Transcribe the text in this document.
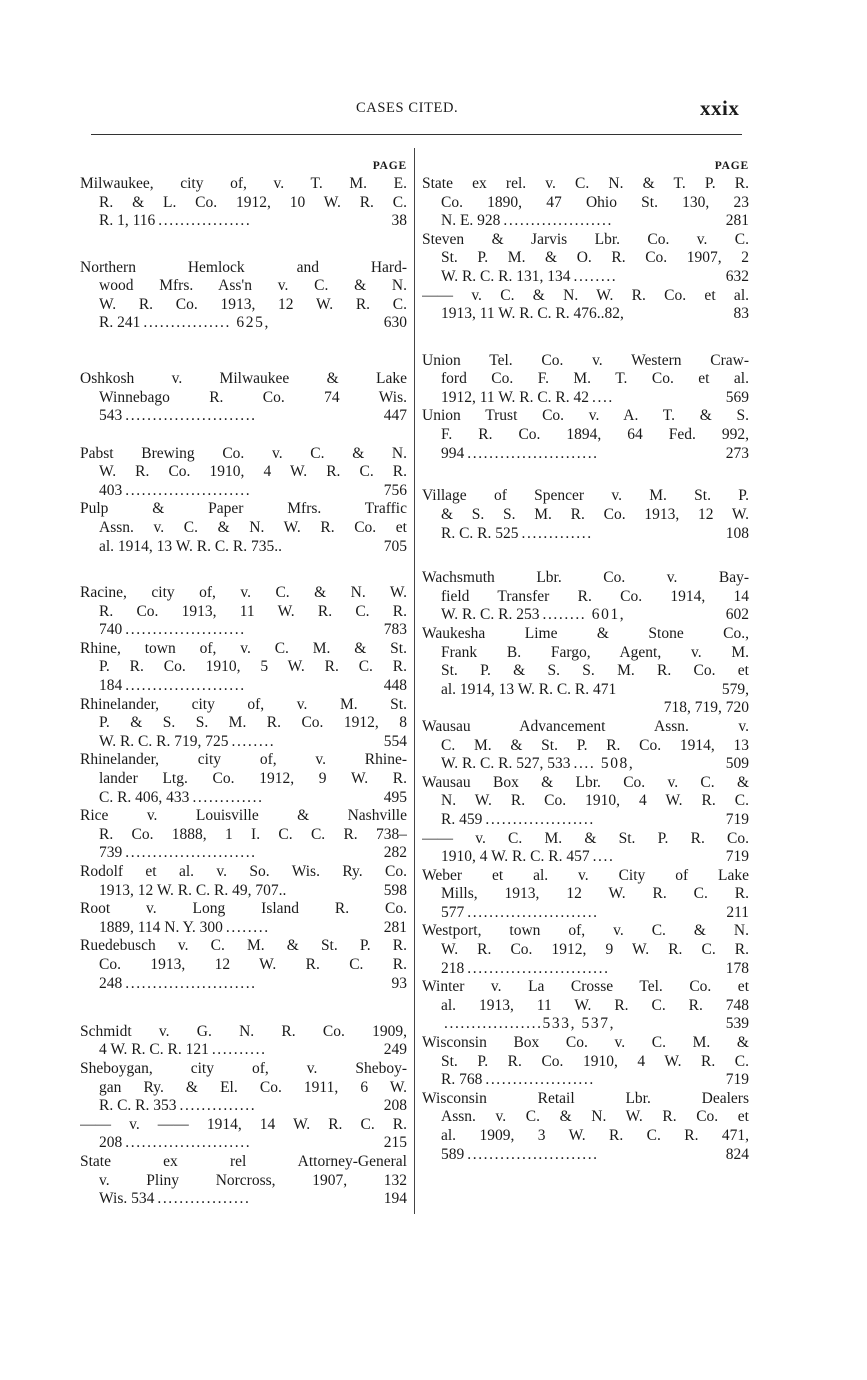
CASES CITED.	xxix
PAGE
Milwaukee, city of, v. T. M. E.
R. & L. Co. 1912, 10 W. R. C.
R. 1, 116 .................	38
Northern Hemlock and Hard-
wood Mfrs. Ass'n v. C. & N.
W. R. Co. 1913, 12 W. R. C.
R. 241 ................ 625,	630
Oshkosh v. Milwaukee & Lake
Winnebago R. Co. 74 Wis.
543 ........................	447
Pabst Brewing Co. v. C. & N.
W. R. Co. 1910, 4 W. R. C. R.
403 .......................	756
Pulp & Paper Mfrs. Traffic
Assn. v. C. & N. W. R. Co. et
al. 1914, 13 W. R. C. R. 735..	705
Racine, city of, v. C. & N. W.
R. Co. 1913, 11 W. R. C. R.
740 ......................	783
Rhine, town of, v. C. M. & St.
P. R. Co. 1910, 5 W. R. C. R.
184 ......................	448
Rhinelander, city of, v. M. St.
P. & S. S. M. R. Co. 1912, 8
W. R. C. R. 719, 725 ........	554
Rhinelander, city of, v. Rhine-
lander Ltg. Co. 1912, 9 W. R.
C. R. 406, 433 .............	495
Rice v. Louisville & Nashville
R. Co. 1888, 1 I. C. C. R. 738–
739 ........................	282
Rodolf et al. v. So. Wis. Ry. Co.
1913, 12 W. R. C. R. 49, 707..	598
Root v. Long Island R. Co.
1889, 114 N. Y. 300 ........	281
Ruedebusch v. C. M. & St. P. R.
Co. 1913, 12 W. R. C. R.
248 ........................	93
Schmidt v. G. N. R. Co. 1909,
4 W. R. C. R. 121 ..........	249
Sheboygan, city of, v. Sheboy-
gan Ry. & El. Co. 1911, 6 W.
R. C. R. 353 ..............	208
—— v. —— 1914, 14 W. R. C. R.
208 .......................	215
State ex rel Attorney-General
v. Pliny Norcross, 1907, 132
Wis. 534 .................	194
PAGE
State ex rel. v. C. N. & T. P. R.
Co. 1890, 47 Ohio St. 130, 23
N. E. 928 ....................	281
Steven & Jarvis Lbr. Co. v. C.
St. P. M. & O. R. Co. 1907, 2
W. R. C. R. 131, 134 ........	632
—— v. C. & N. W. R. Co. et al.
1913, 11 W. R. C. R. 476..82,	83
Union Tel. Co. v. Western Craw-
ford Co. F. M. T. Co. et al.
1912, 11 W. R. C. R. 42 ....	569
Union Trust Co. v. A. T. & S.
F. R. Co. 1894, 64 Fed. 992,
994 ........................	273
Village of Spencer v. M. St. P.
& S. S. M. R. Co. 1913, 12 W.
R. C. R. 525 .............	108
Wachsmuth Lbr. Co. v. Bay-
field Transfer R. Co. 1914, 14
W. R. C. R. 253 ........ 601,	602
Waukesha Lime & Stone Co.,
Frank B. Fargo, Agent, v. M.
St. P. & S. S. M. R. Co. et
al. 1914, 13 W. R. C. R. 471	579,
718, 719, 720
Wausau Advancement Assn. v.
C. M. & St. P. R. Co. 1914, 13
W. R. C. R. 527, 533 .... 508,	509
Wausau Box & Lbr. Co. v. C. &
N. W. R. Co. 1910, 4 W. R. C.
R. 459 ....................	719
—— v. C. M. & St. P. R. Co.
1910, 4 W. R. C. R. 457 ....	719
Weber et al. v. City of Lake
Mills, 1913, 12 W. R. C. R.
577 ........................	211
Westport, town of, v. C. & N.
W. R. Co. 1912, 9 W. R. C. R.
218 ..........................	178
Winter v. La Crosse Tel. Co. et
al. 1913, 11 W. R. C. R. 748
..................533, 537,	539
Wisconsin Box Co. v. C. M. &
St. P. R. Co. 1910, 4 W. R. C.
R. 768 ....................	719
Wisconsin Retail Lbr. Dealers
Assn. v. C. & N. W. R. Co. et
al. 1909, 3 W. R. C. R. 471,
589 ........................	824
